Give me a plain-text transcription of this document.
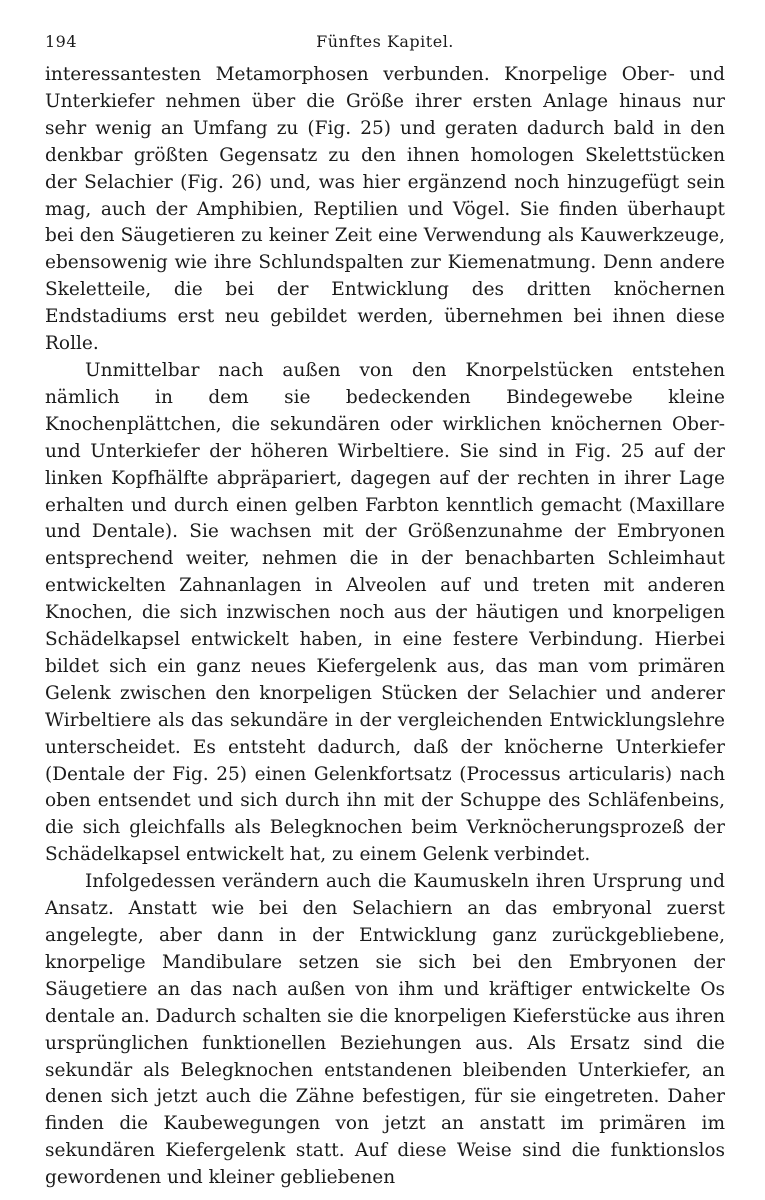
194	Fünftes Kapitel.

interessantesten Metamorphosen verbunden. Knorpelige Ober- und Unterkiefer nehmen über die Größe ihrer ersten Anlage hinaus nur sehr wenig an Umfang zu (Fig. 25) und geraten dadurch bald in den denkbar größten Gegensatz zu den ihnen homologen Skelettstücken der Selachier (Fig. 26) und, was hier ergänzend noch hinzugefügt sein mag, auch der Amphibien, Reptilien und Vögel. Sie finden überhaupt bei den Säugetieren zu keiner Zeit eine Verwendung als Kauwerkzeuge, ebensowenig wie ihre Schlundspalten zur Kiemenatmung. Denn andere Skeletteile, die bei der Entwicklung des dritten knöchernen Endstadiums erst neu gebildet werden, übernehmen bei ihnen diese Rolle.

Unmittelbar nach außen von den Knorpelstücken entstehen nämlich in dem sie bedeckenden Bindegewebe kleine Knochenplättchen, die sekundären oder wirklichen knöchernen Ober- und Unterkiefer der höheren Wirbeltiere. Sie sind in Fig. 25 auf der linken Kopfhälfte abpräpariert, dagegen auf der rechten in ihrer Lage erhalten und durch einen gelben Farbton kenntlich gemacht (Maxillare und Dentale). Sie wachsen mit der Größenzunahme der Embryonen entsprechend weiter, nehmen die in der benachbarten Schleimhaut entwickelten Zahnanlagen in Alveolen auf und treten mit anderen Knochen, die sich inzwischen noch aus der häutigen und knorpeligen Schädelkapsel entwickelt haben, in eine festere Verbindung. Hierbei bildet sich ein ganz neues Kiefergelenk aus, das man vom primären Gelenk zwischen den knorpeligen Stücken der Selachier und anderer Wirbeltiere als das sekundäre in der vergleichenden Entwicklungslehre unterscheidet. Es entsteht dadurch, daß der knöcherne Unterkiefer (Dentale der Fig. 25) einen Gelenkfortsatz (Processus articularis) nach oben entsendet und sich durch ihn mit der Schuppe des Schläfenbeins, die sich gleichfalls als Belegknochen beim Verknöcherungsprozeß der Schädelkapsel entwickelt hat, zu einem Gelenk verbindet.

Infolgedessen verändern auch die Kaumuskeln ihren Ursprung und Ansatz. Anstatt wie bei den Selachiern an das embryonal zuerst angelegte, aber dann in der Entwicklung ganz zurückgebliebene, knorpelige Mandibulare setzen sie sich bei den Embryonen der Säugetiere an das nach außen von ihm und kräftiger entwickelte Os dentale an. Dadurch schalten sie die knorpeligen Kieferstücke aus ihren ursprünglichen funktionellen Beziehungen aus. Als Ersatz sind die sekundär als Belegknochen entstandenen bleibenden Unterkiefer, an denen sich jetzt auch die Zähne befestigen, für sie eingetreten. Daher finden die Kaubewegungen von jetzt an anstatt im primären im sekundären Kiefergelenk statt. Auf diese Weise sind die funktionslos gewordenen und kleiner gebliebenen
